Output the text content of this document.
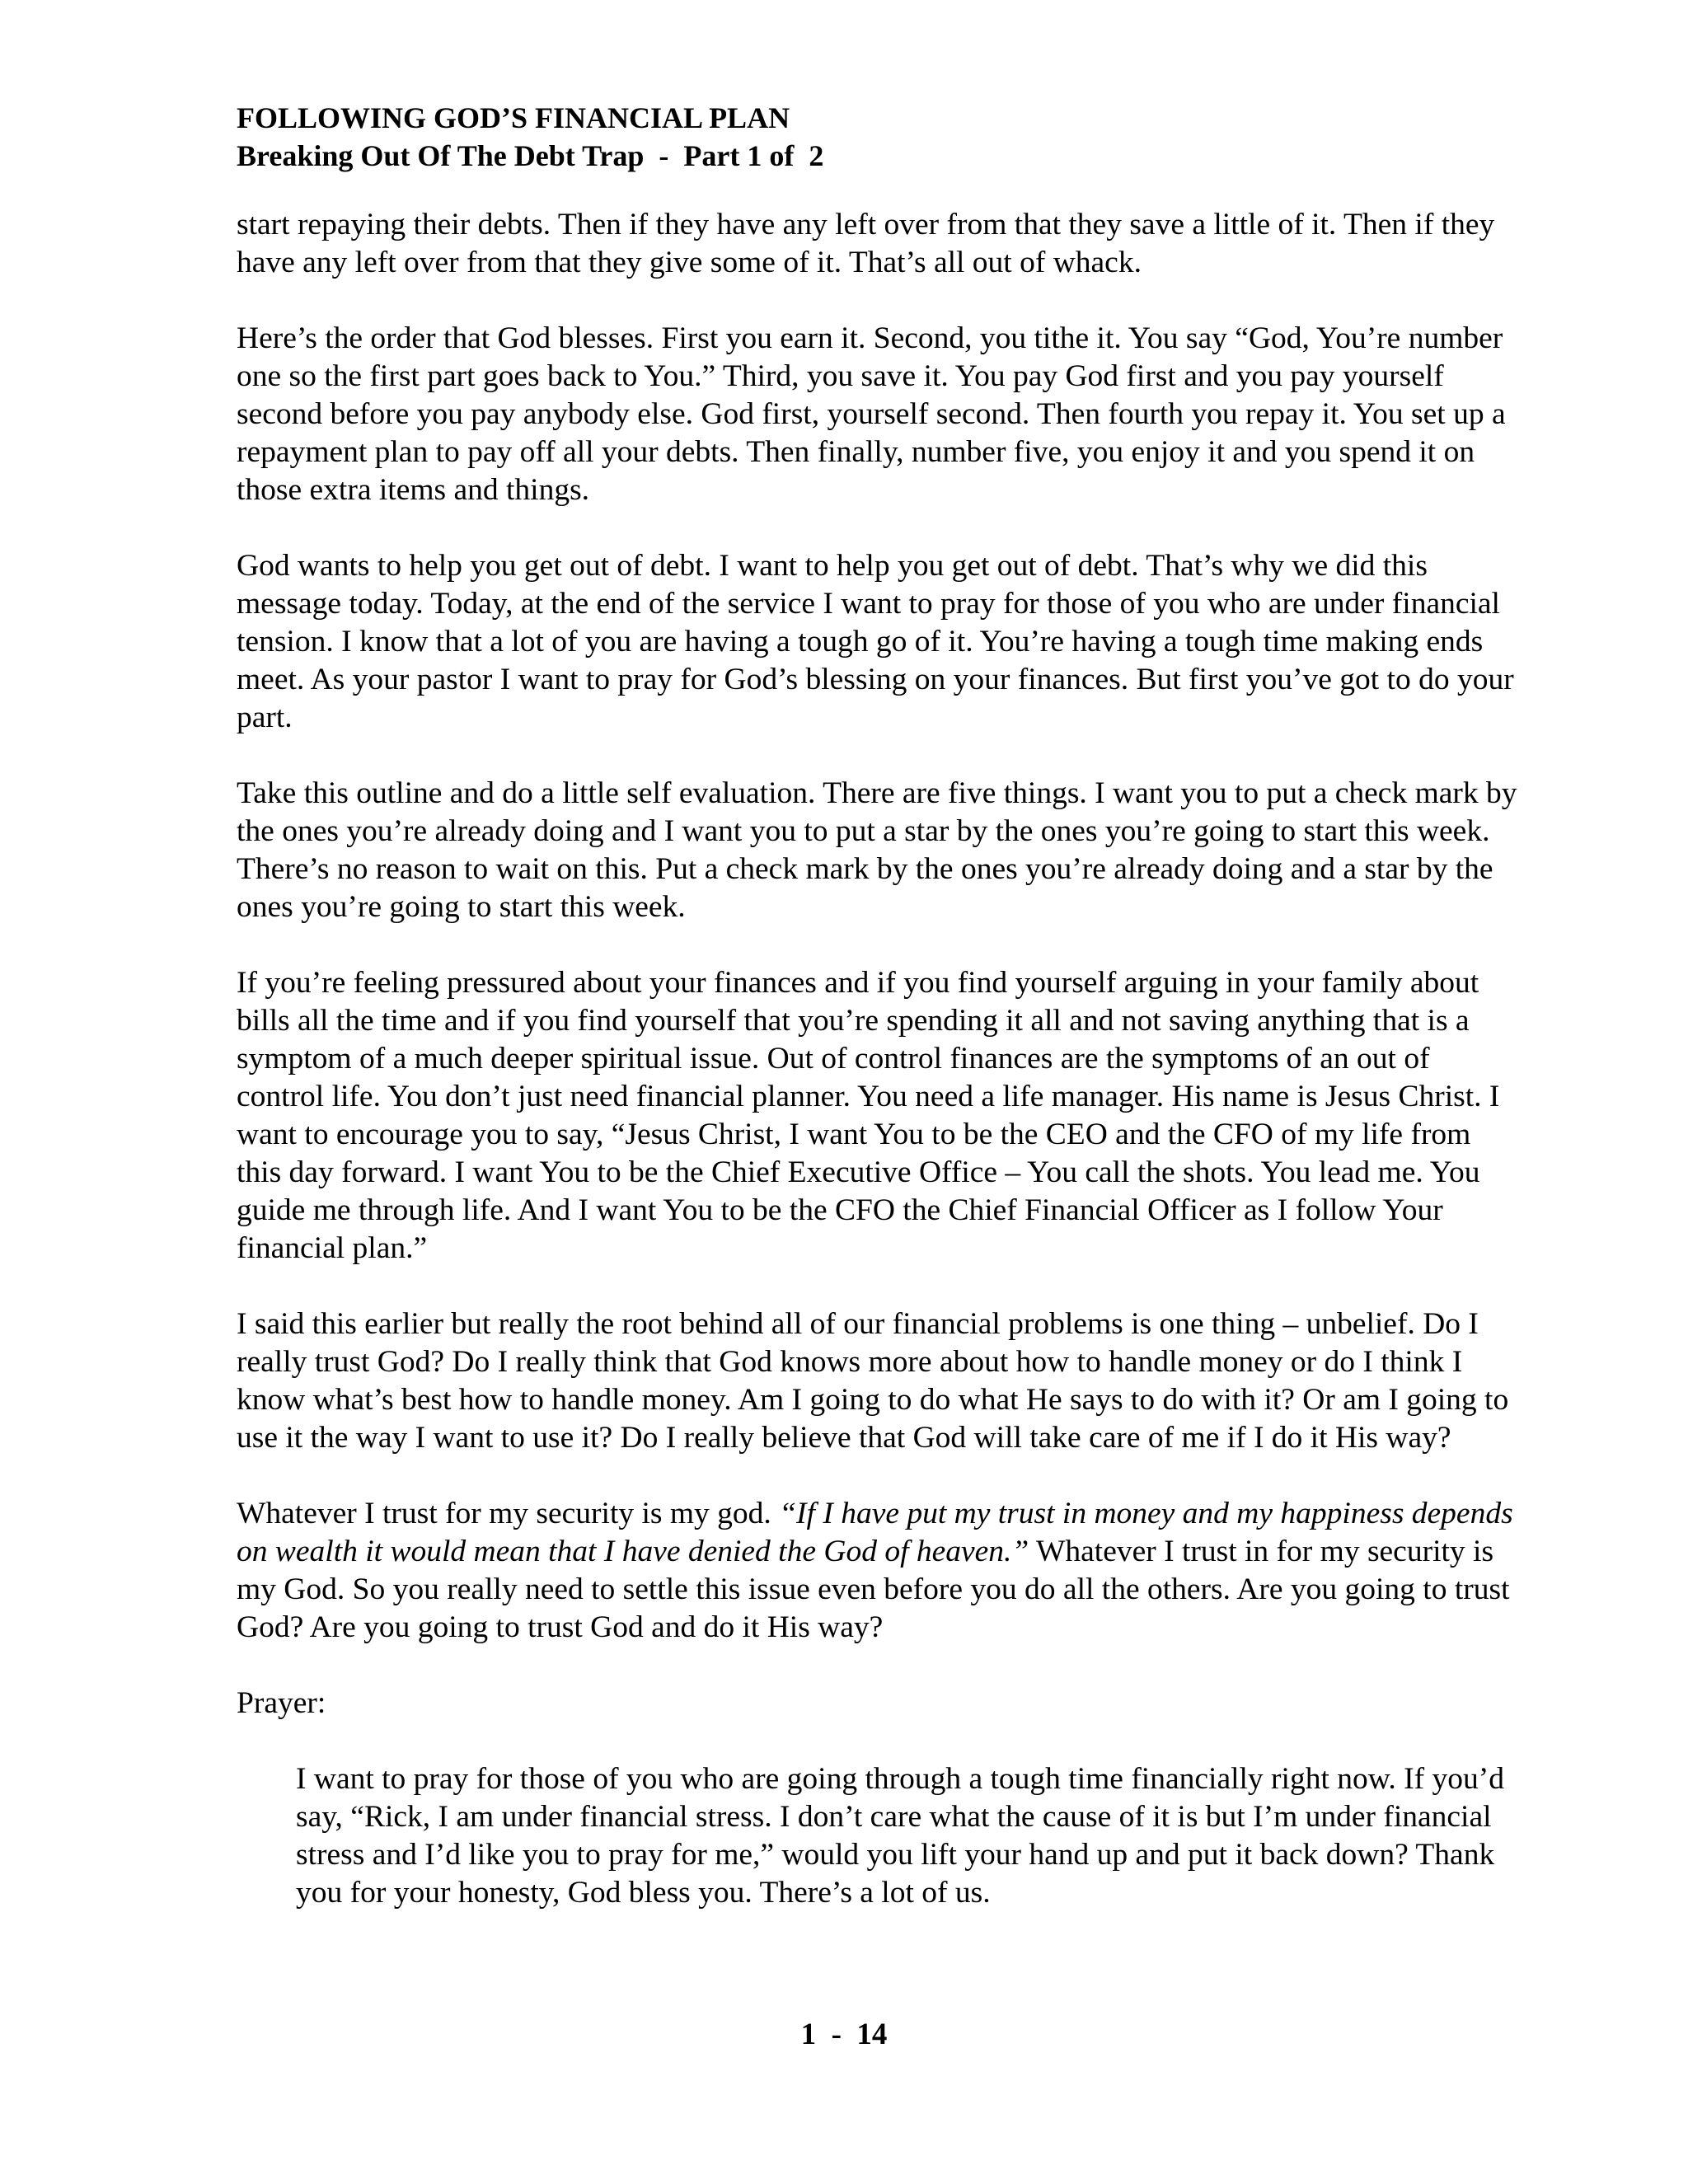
FOLLOWING GOD’S FINANCIAL PLAN
Breaking Out Of The Debt Trap  -  Part 1 of  2

start repaying their debts. Then if they have any left over from that they save a little of it. Then if they have any left over from that they give some of it. That’s all out of whack.

Here’s the order that God blesses. First you earn it. Second, you tithe it. You say “God, You’re number one so the first part goes back to You.” Third, you save it. You pay God first and you pay yourself second before you pay anybody else. God first, yourself second. Then fourth you repay it. You set up a repayment plan to pay off all your debts. Then finally, number five, you enjoy it and you spend it on those extra items and things.

God wants to help you get out of debt. I want to help you get out of debt. That’s why we did this message today. Today, at the end of the service I want to pray for those of you who are under financial tension. I know that a lot of you are having a tough go of it. You’re having a tough time making ends meet. As your pastor I want to pray for God’s blessing on your finances. But first you’ve got to do your part.

Take this outline and do a little self evaluation. There are five things. I want you to put a check mark by the ones you’re already doing and I want you to put a star by the ones you’re going to start this week. There’s no reason to wait on this. Put a check mark by the ones you’re already doing and a star by the ones you’re going to start this week.

If you’re feeling pressured about your finances and if you find yourself arguing in your family about bills all the time and if you find yourself that you’re spending it all and not saving anything that is a symptom of a much deeper spiritual issue. Out of control finances are the symptoms of an out of control life. You don’t just need financial planner. You need a life manager. His name is Jesus Christ. I want to encourage you to say, “Jesus Christ, I want You to be the CEO and the CFO of my life from this day forward. I want You to be the Chief Executive Office – You call the shots. You lead me. You guide me through life. And I want You to be the CFO the Chief Financial Officer as I follow Your financial plan.”

I said this earlier but really the root behind all of our financial problems is one thing – unbelief. Do I really trust God? Do I really think that God knows more about how to handle money or do I think I know what’s best how to handle money. Am I going to do what He says to do with it? Or am I going to use it the way I want to use it? Do I really believe that God will take care of me if I do it His way?

Whatever I trust for my security is my god. “If I have put my trust in money and my happiness depends on wealth it would mean that I have denied the God of heaven.” Whatever I trust in for my security is my God. So you really need to settle this issue even before you do all the others. Are you going to trust God? Are you going to trust God and do it His way?

Prayer:

I want to pray for those of you who are going through a tough time financially right now. If you’d say, “Rick, I am under financial stress. I don’t care what the cause of it is but I’m under financial stress and I’d like you to pray for me,” would you lift your hand up and put it back down? Thank you for your honesty, God bless you. There’s a lot of us.

1  -  14
